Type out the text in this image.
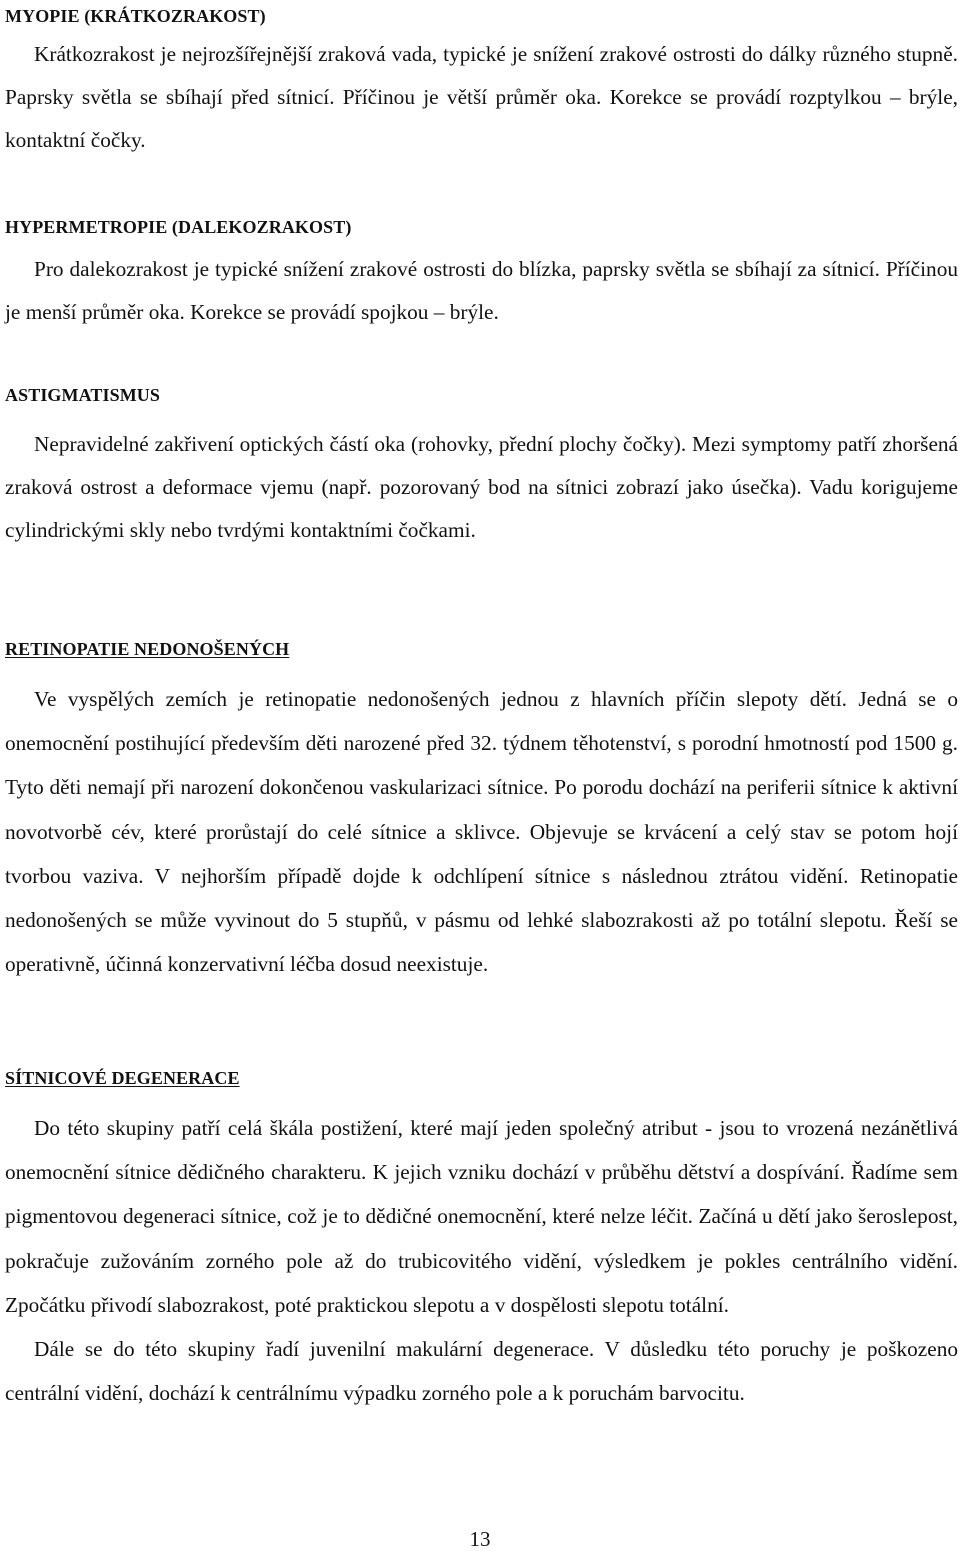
MYOPIE (KRÁTKOZRAKOST)

Krátkozrakost je nejrozšířejnější zraková vada, typické je snížení zrakové ostrosti do dálky různého stupně. Paprsky světla se sbíhají před sítnicí. Příčinou je větší průměr oka. Korekce se provádí rozptylkou – brýle, kontaktní čočky.

HYPERMETROPIE (DALEKOZRAKOST)

Pro dalekozrakost je typické snížení zrakové ostrosti do blízka, paprsky světla se sbíhají za sítnicí. Příčinou je menší průměr oka. Korekce se provádí spojkou – brýle.

ASTIGMATISMUS

Nepravidelné zakřivení optických částí oka (rohovky, přední plochy čočky). Mezi symptomy patří zhoršená zraková ostrost a deformace vjemu (např. pozorovaný bod na sítnici zobrazí jako úsečka). Vadu korigujeme cylindrickými skly nebo tvrdými kontaktními čočkami.

RETINOPATIE NEDONOŠENÝCH

Ve vyspělých zemích je retinopatie nedonošených jednou z hlavních příčin slepoty dětí. Jedná se o onemocnění postihující především děti narozené před 32. týdnem těhotenství, s porodní hmotností pod 1500 g. Tyto děti nemají při narození dokončenou vaskularizaci sítnice. Po porodu dochází na periferii sítnice k aktivní novotvorbě cév, které prorůstají do celé sítnice a sklivce. Objevuje se krvácení a celý stav se potom hojí tvorbou vaziva. V nejhorším případě dojde k odchlípení sítnice s následnou ztrátou vidění. Retinopatie nedonošených se může vyvinout do 5 stupňů, v pásmu od lehké slabozrakosti až po totální slepotu. Řeší se operativně, účinná konzervativní léčba dosud neexistuje.

SÍTNICOVÉ DEGENERACE

Do této skupiny patří celá škála postižení, které mají jeden společný atribut - jsou to vrozená nezánětlivá onemocnění sítnice dědičného charakteru. K jejich vzniku dochází v průběhu dětství a dospívání. Řadíme sem pigmentovou degeneraci sítnice, což je to dědičné onemocnění, které nelze léčit. Začíná u dětí jako šeroslepost, pokračuje zužováním zorného pole až do trubicovitého vidění, výsledkem je pokles centrálního vidění. Zpočátku přivodí slabozrakost, poté praktickou slepotu a v dospělosti slepotu totální.

Dále se do této skupiny řadí juvenilní makulární degenerace. V důsledku této poruchy je poškozeno centrální vidění, dochází k centrálnímu výpadku zorného pole a k poruchám barvocitu.

13
